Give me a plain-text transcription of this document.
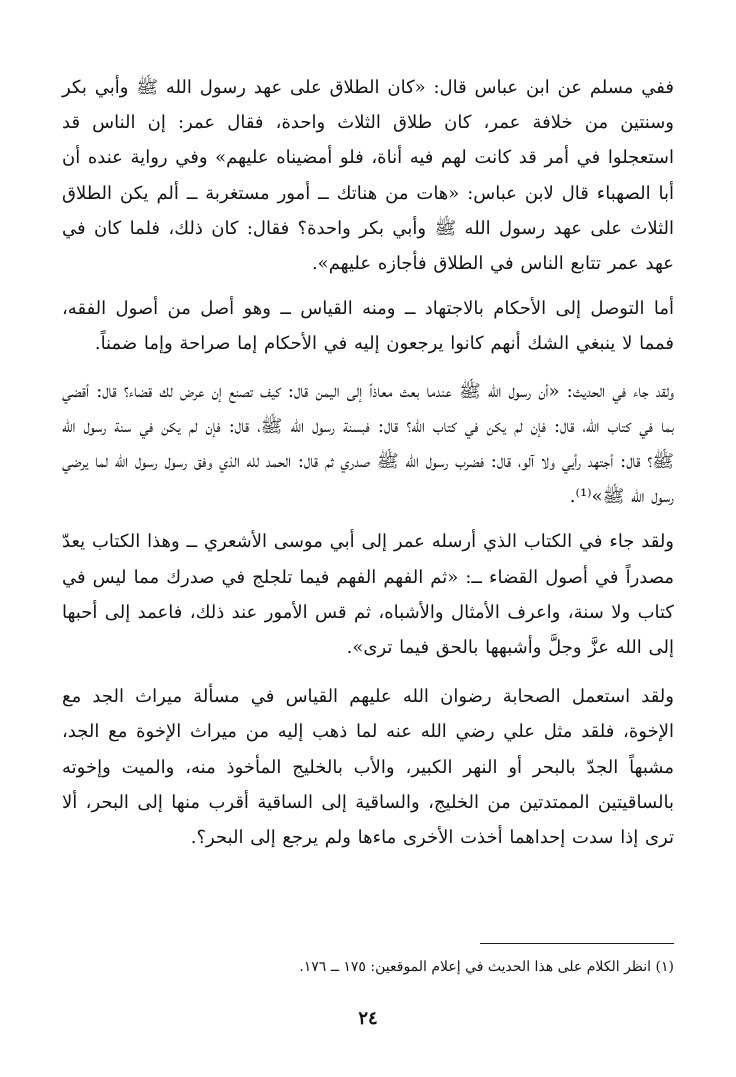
ففي مسلم عن ابن عباس قال: «كان الطلاق على عهد رسول الله ﷺ وأبي بكر وسنتين من خلافة عمر، كان طلاق الثلاث واحدة، فقال عمر: إن الناس قد استعجلوا في أمر قد كانت لهم فيه أناة، فلو أمضيناه عليهم» وفي رواية عنده أن أبا الصهباء قال لابن عباس: «هات من هناتك ــ أمور مستغربة ــ ألم يكن الطلاق الثلاث على عهد رسول الله ﷺ وأبي بكر واحدة؟ فقال: كان ذلك، فلما كان في عهد عمر تتابع الناس في الطلاق فأجازه عليهم».

أما التوصل إلى الأحكام بالاجتهاد ــ ومنه القياس ــ وهو أصل من أصول الفقه، فمما لا ينبغي الشك أنهم كانوا يرجعون إليه في الأحكام إما صراحة وإما ضمناً.

ولقد جاء في الحديث: «أن رسول الله ﷺ عندما بعث معاذاً إلى اليمن قال: كيف تصنع إن عرض لك قضاء؟ قال: أقضي بما في كتاب الله، قال: فإن لم يكن في كتاب الله؟ قال: فبسنة رسول الله ﷺ، قال: فإن لم يكن في سنة رسول الله ﷺ؟ قال: أجتهد رأيي ولا آلو، قال: فضرب رسول الله ﷺ صدري ثم قال: الحمد لله الذي وفق رسول رسول الله لما يرضي رسول الله ﷺ»⁽¹⁾.

ولقد جاء في الكتاب الذي أرسله عمر إلى أبي موسى الأشعري ــ وهذا الكتاب يعدّ مصدراً في أصول القضاء ــ: «ثم الفهم الفهم فيما تلجلج في صدرك مما ليس في كتاب ولا سنة، واعرف الأمثال والأشباه، ثم قس الأمور عند ذلك، فاعمد إلى أحبها إلى الله عزَّ وجلَّ وأشبهها بالحق فيما ترى».

ولقد استعمل الصحابة رضوان الله عليهم القياس في مسألة ميراث الجد مع الإخوة، فلقد مثل علي رضي الله عنه لما ذهب إليه من ميراث الإخوة مع الجد، مشبهاً الجدّ بالبحر أو النهر الكبير، والأب بالخليج المأخوذ منه، والميت وإخوته بالساقيتين الممتدتين من الخليج، والساقية إلى الساقية أقرب منها إلى البحر، ألا ترى إذا سدت إحداهما أخذت الأخرى ماءها ولم يرجع إلى البحر؟.

(١) انظر الكلام على هذا الحديث في إعلام الموقعين: ١٧٥ ــ ١٧٦.
٢٤
